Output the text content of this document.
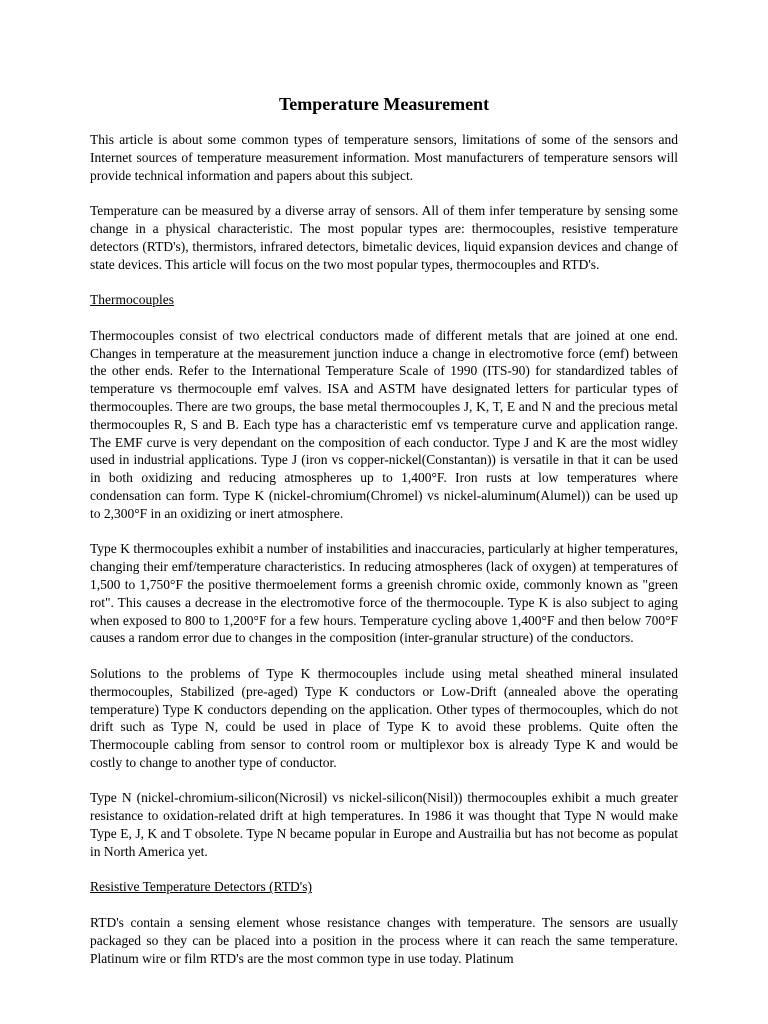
Temperature Measurement

This article is about some common types of temperature sensors, limitations of some of the sensors and Internet sources of temperature measurement information. Most manufacturers of temperature sensors will provide technical information and papers about this subject.

Temperature can be measured by a diverse array of sensors. All of them infer temperature by sensing some change in a physical characteristic. The most popular types are: thermocouples, resistive temperature detectors (RTD's), thermistors, infrared detectors, bimetalic devices, liquid expansion devices and change of state devices. This article will focus on the two most popular types, thermocouples and RTD's.

Thermocouples

Thermocouples consist of two electrical conductors made of different metals that are joined at one end. Changes in temperature at the measurement junction induce a change in electromotive force (emf) between the other ends. Refer to the International Temperature Scale of 1990 (ITS-90) for standardized tables of temperature vs thermocouple emf valves. ISA and ASTM have designated letters for particular types of thermocouples. There are two groups, the base metal thermocouples J, K, T, E and N and the precious metal thermocouples R, S and B. Each type has a characteristic emf vs temperature curve and application range. The EMF curve is very dependant on the composition of each conductor. Type J and K are the most widley used in industrial applications. Type J (iron vs copper-nickel(Constantan)) is versatile in that it can be used in both oxidizing and reducing atmospheres up to 1,400°F. Iron rusts at low temperatures where condensation can form. Type K (nickel-chromium(Chromel) vs nickel-aluminum(Alumel)) can be used up to 2,300°F in an oxidizing or inert atmosphere.

Type K thermocouples exhibit a number of instabilities and inaccuracies, particularly at higher temperatures, changing their emf/temperature characteristics. In reducing atmospheres (lack of oxygen) at temperatures of 1,500 to 1,750°F the positive thermoelement forms a greenish chromic oxide, commonly known as "green rot". This causes a decrease in the electromotive force of the thermocouple. Type K is also subject to aging when exposed to 800 to 1,200°F for a few hours. Temperature cycling above 1,400°F and then below 700°F causes a random error due to changes in the composition (inter-granular structure) of the conductors.

Solutions to the problems of Type K thermocouples include using metal sheathed mineral insulated thermocouples, Stabilized (pre-aged) Type K conductors or Low-Drift (annealed above the operating temperature) Type K conductors depending on the application. Other types of thermocouples, which do not drift such as Type N, could be used in place of Type K to avoid these problems. Quite often the Thermocouple cabling from sensor to control room or multiplexor box is already Type K and would be costly to change to another type of conductor.

Type N (nickel-chromium-silicon(Nicrosil) vs nickel-silicon(Nisil)) thermocouples exhibit a much greater resistance to oxidation-related drift at high temperatures. In 1986 it was thought that Type N would make Type E, J, K and T obsolete. Type N became popular in Europe and Austrailia but has not become as populat in North America yet.

Resistive Temperature Detectors (RTD's)

RTD's contain a sensing element whose resistance changes with temperature. The sensors are usually packaged so they can be placed into a position in the process where it can reach the same temperature. Platinum wire or film RTD's are the most common type in use today. Platinum
